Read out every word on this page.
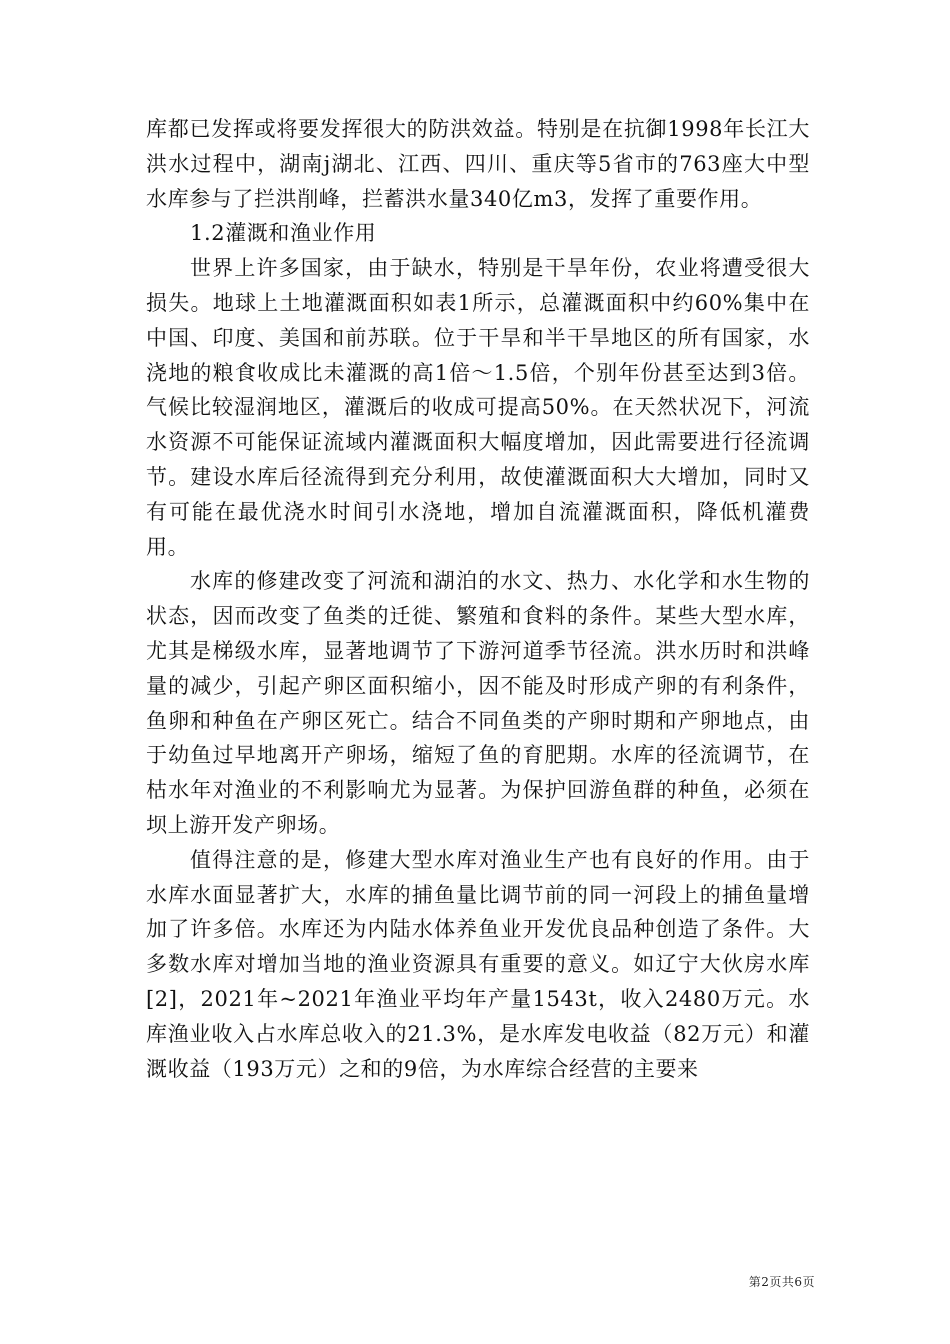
库都已发挥或将要发挥很大的防洪效益。特别是在抗御1998年长江大洪水过程中，湖南j湖北、江西、四川、重庆等5省市的763座大中型水库参与了拦洪削峰，拦蓄洪水量340亿m3，发挥了重要作用。

1.2灌溉和渔业作用

世界上许多国家，由于缺水，特别是干旱年份，农业将遭受很大损失。地球上土地灌溉面积如表1所示，总灌溉面积中约60%集中在中国、印度、美国和前苏联。位于干旱和半干旱地区的所有国家，水浇地的粮食收成比未灌溉的高1倍～1.5倍，个别年份甚至达到3倍。气候比较湿润地区，灌溉后的收成可提高50%。在天然状况下，河流水资源不可能保证流域内灌溉面积大幅度增加，因此需要进行径流调节。建设水库后径流得到充分利用，故使灌溉面积大大增加，同时又有可能在最优浇水时间引水浇地，增加自流灌溉面积，降低机灌费用。

水库的修建改变了河流和湖泊的水文、热力、水化学和水生物的状态，因而改变了鱼类的迁徙、繁殖和食料的条件。某些大型水库，尤其是梯级水库，显著地调节了下游河道季节径流。洪水历时和洪峰量的减少，引起产卵区面积缩小，因不能及时形成产卵的有利条件，鱼卵和种鱼在产卵区死亡。结合不同鱼类的产卵时期和产卵地点，由于幼鱼过早地离开产卵场，缩短了鱼的育肥期。水库的径流调节，在枯水年对渔业的不利影响尤为显著。为保护回游鱼群的种鱼，必须在坝上游开发产卵场。

值得注意的是，修建大型水库对渔业生产也有良好的作用。由于水库水面显著扩大，水库的捕鱼量比调节前的同一河段上的捕鱼量增加了许多倍。水库还为内陆水体养鱼业开发优良品种创造了条件。大多数水库对增加当地的渔业资源具有重要的意义。如辽宁大伙房水库[2]，2021年~2021年渔业平均年产量1543t，收入2480万元。水库渔业收入占水库总收入的21.3%，是水库发电收益（82万元）和灌溉收益（193万元）之和的9倍，为水库综合经营的主要来

第2页共6页
